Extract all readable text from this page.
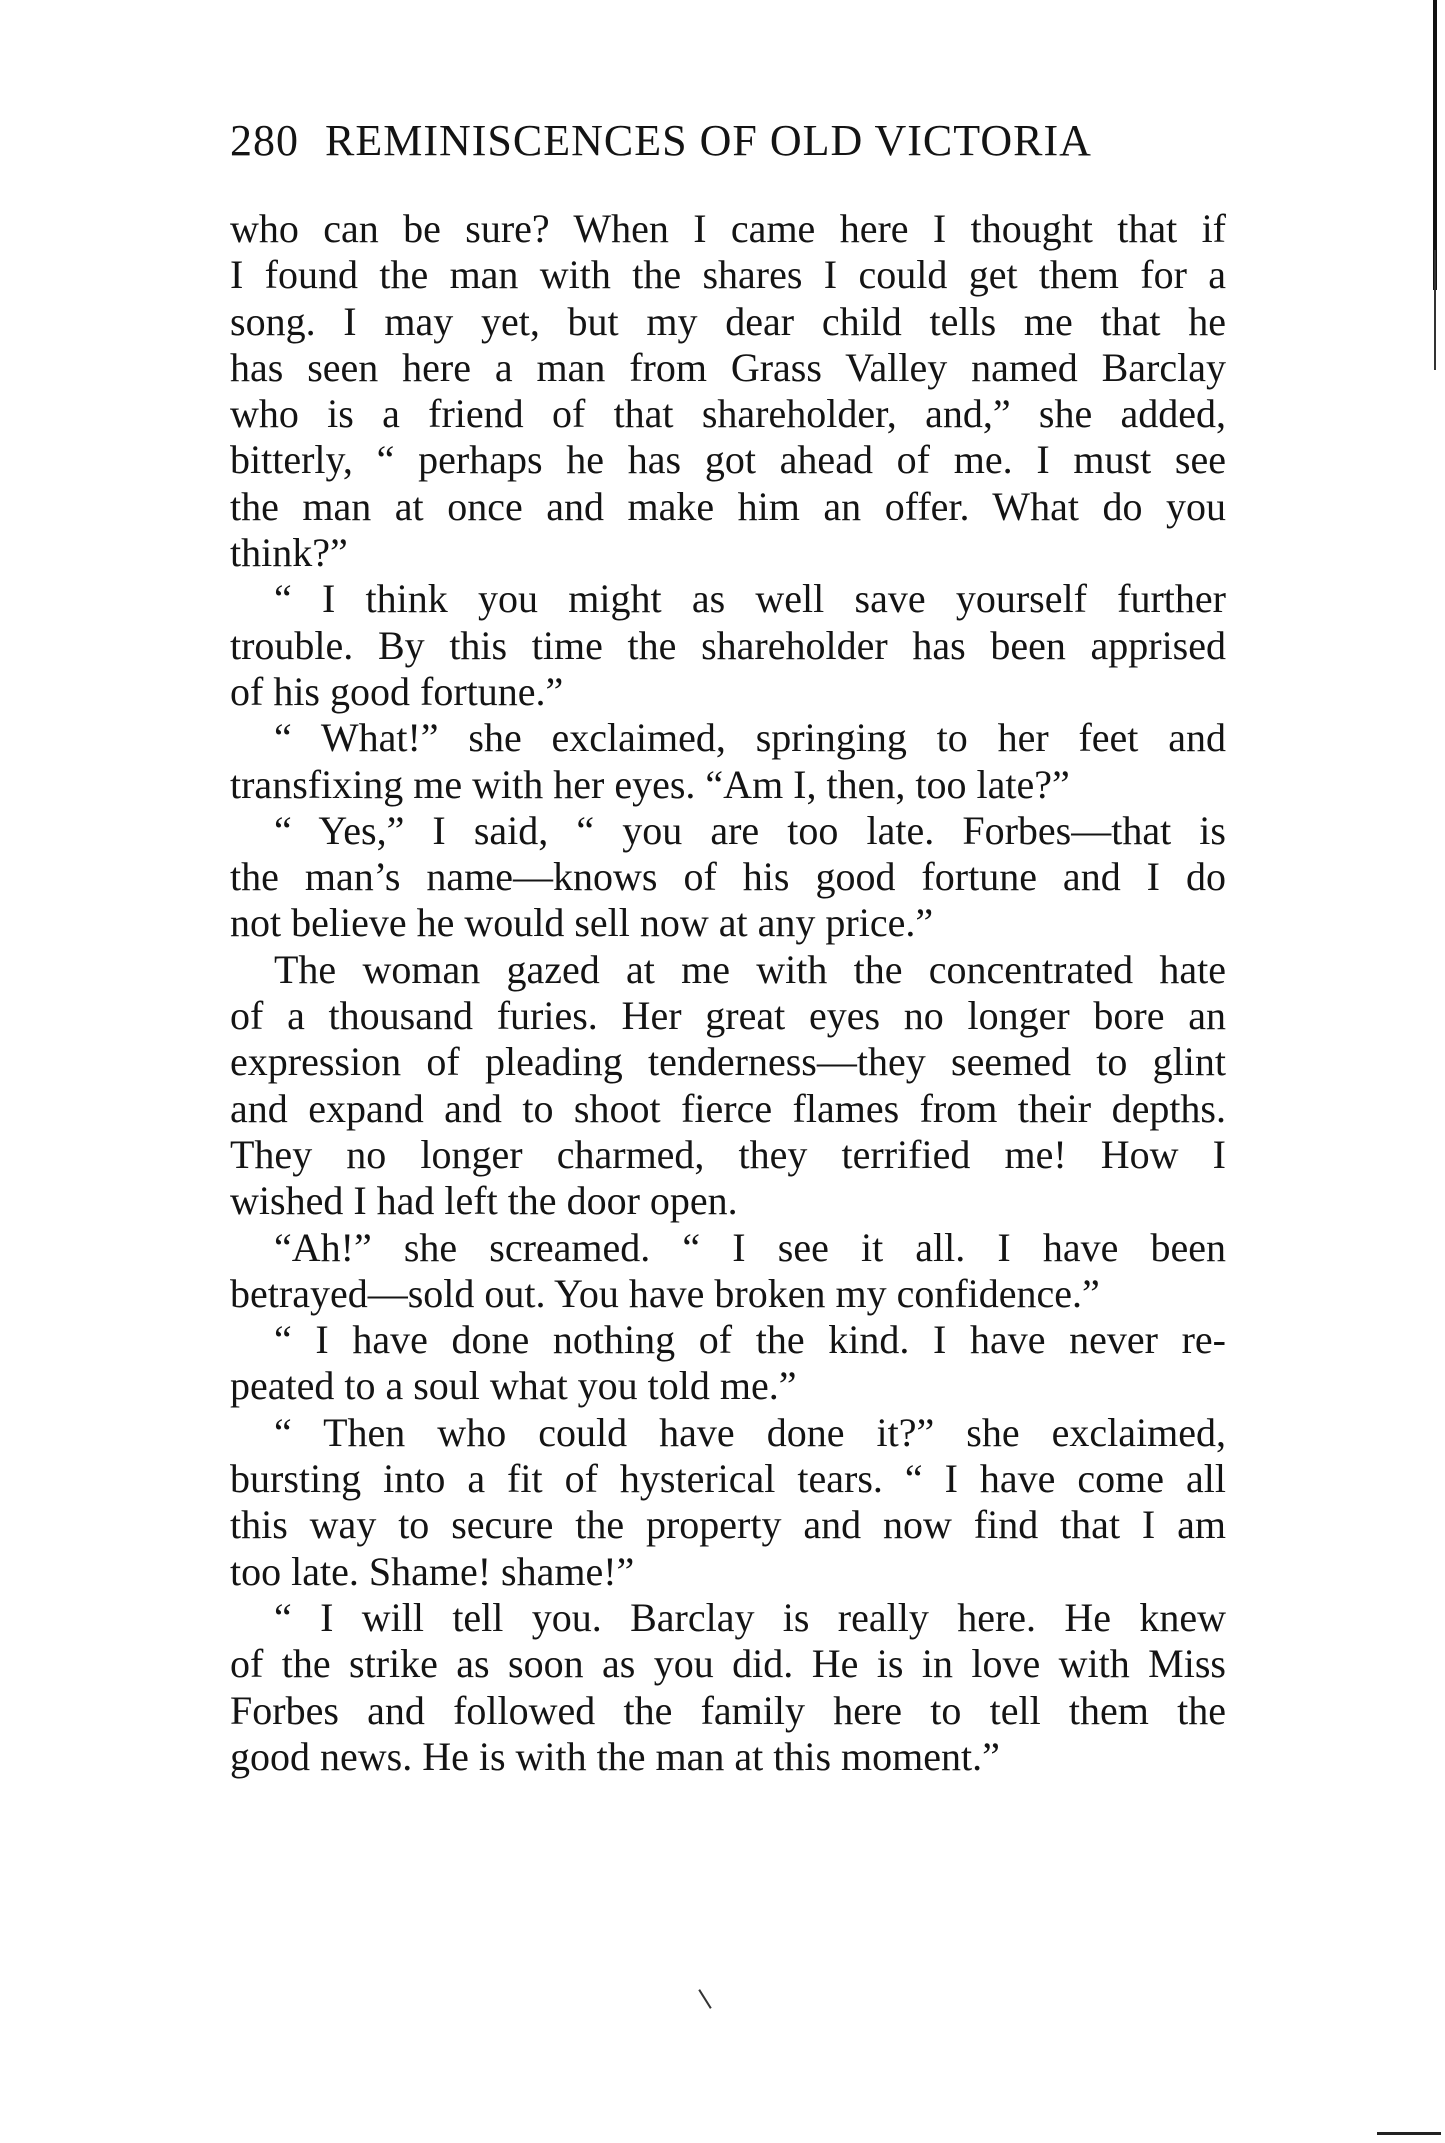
280 REMINISCENCES OF OLD VICTORIA
who can be sure? When I came here I thought that if
I found the man with the shares I could get them for a
song. I may yet, but my dear child tells me that he
has seen here a man from Grass Valley named Barclay
who is a friend of that shareholder, and,” she added,
bitterly, “ perhaps he has got ahead of me. I must see
the man at once and make him an offer. What do you
think?”
“ I think you might as well save yourself further
trouble. By this time the shareholder has been apprised
of his good fortune.”
“ What!” she exclaimed, springing to her feet and
transfixing me with her eyes. “Am I, then, too late?”
“ Yes,” I said, “ you are too late. Forbes—that is
the man’s name—knows of his good fortune and I do
not believe he would sell now at any price.”
The woman gazed at me with the concentrated hate
of a thousand furies. Her great eyes no longer bore an
expression of pleading tenderness—they seemed to glint
and expand and to shoot fierce flames from their depths.
They no longer charmed, they terrified me! How I
wished I had left the door open.
“Ah!” she screamed. “ I see it all. I have been
betrayed—sold out. You have broken my confidence.”
“ I have done nothing of the kind. I have never re-
peated to a soul what you told me.”
“ Then who could have done it?” she exclaimed,
bursting into a fit of hysterical tears. “ I have come all
this way to secure the property and now find that I am
too late. Shame! shame!”
“ I will tell you. Barclay is really here. He knew
of the strike as soon as you did. He is in love with Miss
Forbes and followed the family here to tell them the
good news. He is with the man at this moment.”
